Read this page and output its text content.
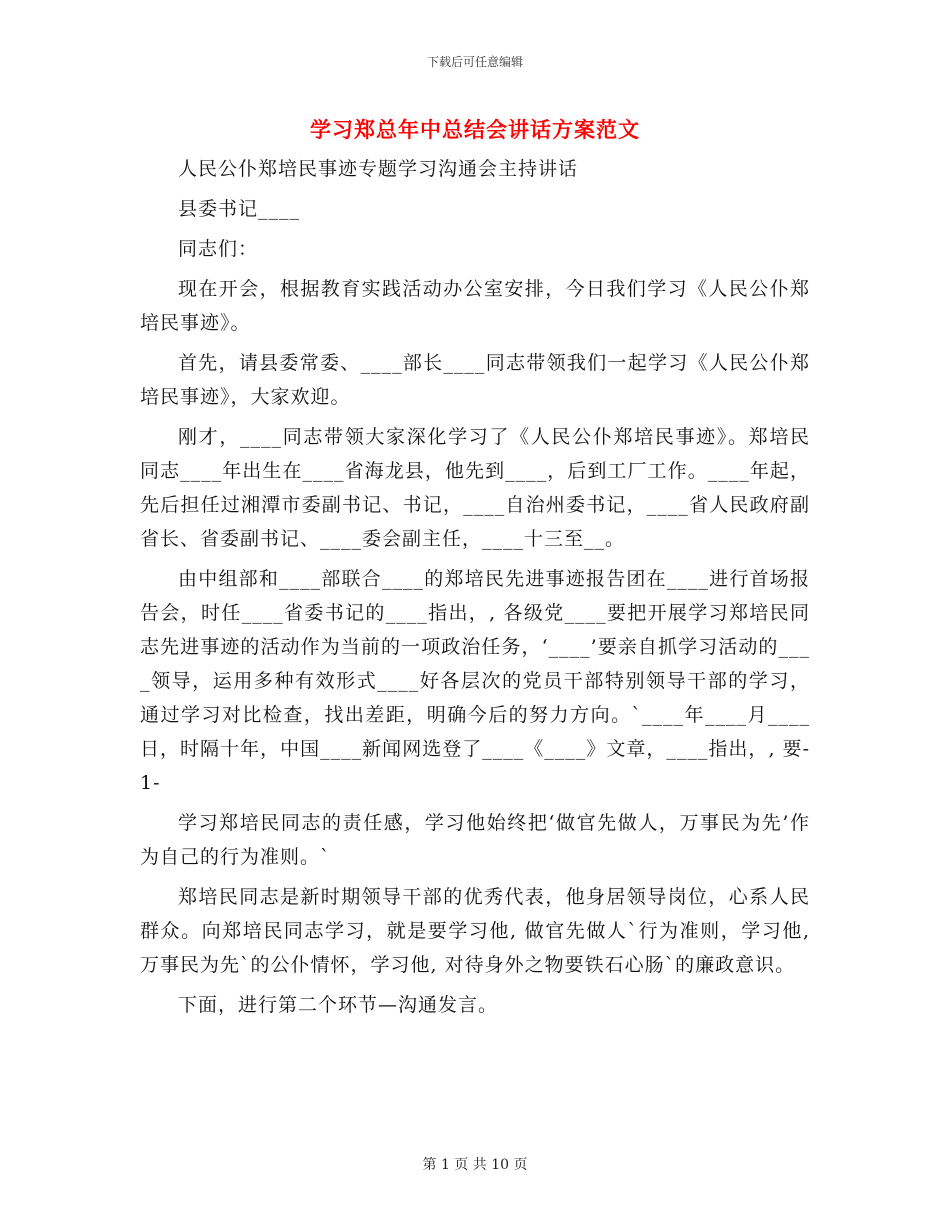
下载后可任意编辑
学习郑总年中总结会讲话方案范文

人民公仆郑培民事迹专题学习沟通会主持讲话

县委书记____

同志们：

现在开会，根据教育实践活动办公室安排，今日我们学习《人民公仆郑培民事迹》。

首先，请县委常委、____部长____同志带领我们一起学习《人民公仆郑培民事迹》，大家欢迎。

刚才，____同志带领大家深化学习了《人民公仆郑培民事迹》。郑培民同志____年出生在____省海龙县，他先到____，后到工厂工作。____年起，先后担任过湘潭市委副书记、书记，____自治州委书记，____省人民政府副省长、省委副书记、____委会副主任，____十三至__。

由中组部和____部联合____的郑培民先进事迹报告团在____进行首场报告会，时任____省委书记的____指出，, 各级党____要把开展学习郑培民同志先进事迹的活动作为当前的一项政治任务，‘____’要亲自抓学习活动的____领导，运用多种有效形式____好各层次的党员干部特别领导干部的学习，通过学习对比检查，找出差距，明确今后的努力方向。`____年____月____日，时隔十年，中国____新闻网选登了____《____》文章，____指出，, 要-1-

学习郑培民同志的责任感，学习他始终把‘做官先做人，万事民为先’作为自己的行为准则。`

郑培民同志是新时期领导干部的优秀代表，他身居领导岗位，心系人民群众。向郑培民同志学习，就是要学习他, 做官先做人`行为准则，学习他, 万事民为先`的公仆情怀，学习他, 对待身外之物要铁石心肠`的廉政意识。

下面，进行第二个环节—沟通发言。

第 1 页 共 10 页
